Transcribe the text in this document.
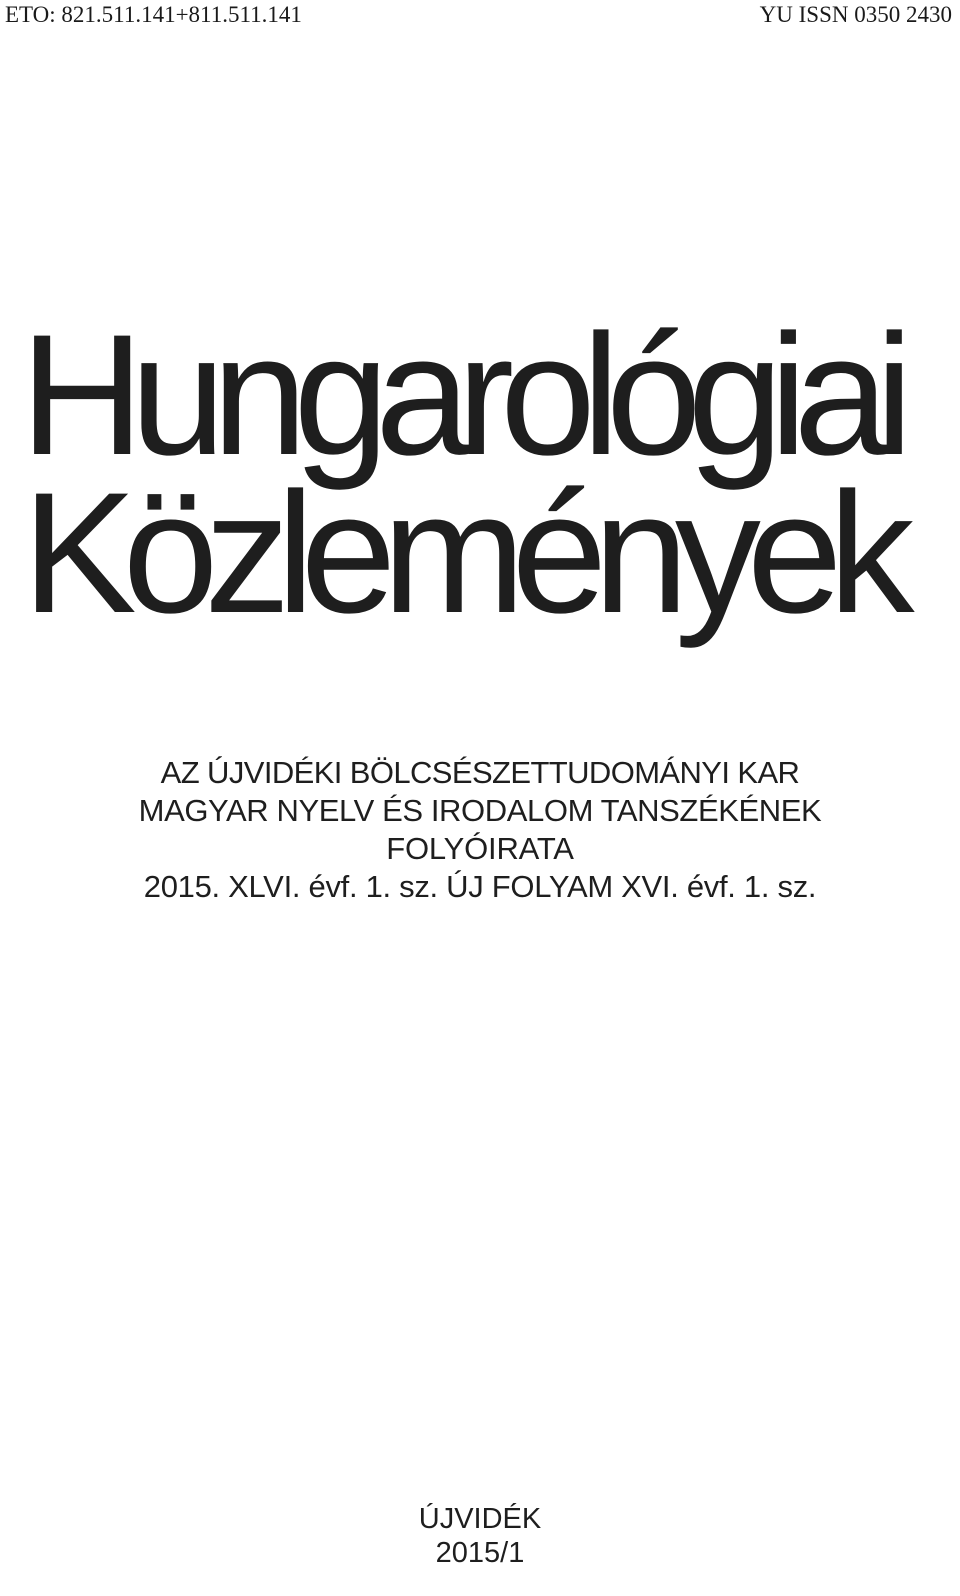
ETO: 821.511.141+811.511.141	YU ISSN 0350 2430
Hungarológiai
Közlemények
AZ ÚJVIDÉKI BÖLCSÉSZETTUDOMÁNYI KAR
MAGYAR NYELV ÉS IRODALOM TANSZÉKÉNEK
FOLYÓIRATA
2015. XLVI. évf. 1. sz. ÚJ FOLYAM XVI. évf. 1. sz.
ÚJVIDÉK
2015/1
